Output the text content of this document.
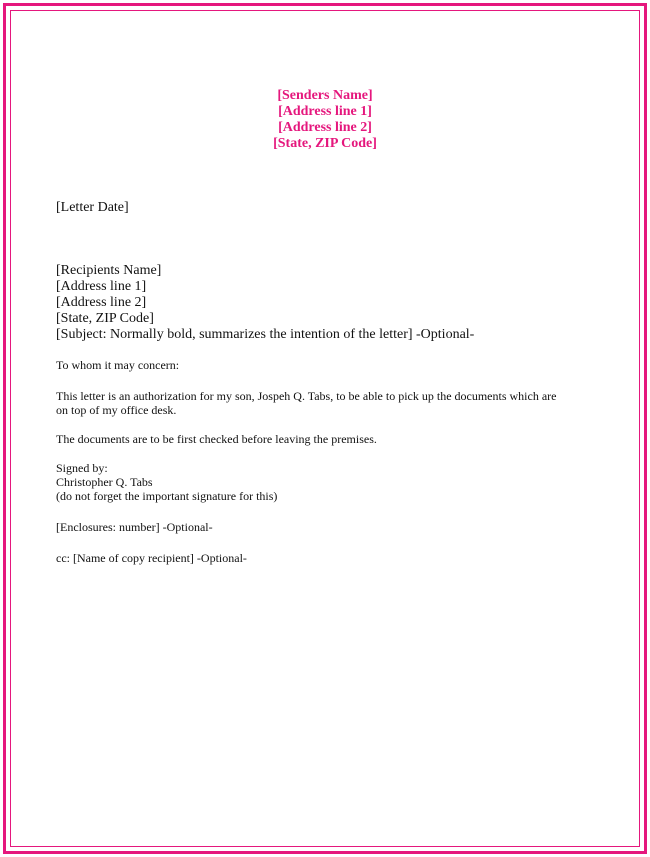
[Senders Name]
[Address line 1]
[Address line 2]
[State, ZIP Code]
[Letter Date]
[Recipients Name]
[Address line 1]
[Address line 2]
[State, ZIP Code]
[Subject: Normally bold, summarizes the intention of the letter] -Optional-
To whom it may concern:
This letter is an authorization for my son, Jospeh Q. Tabs, to be able to pick up the documents which are
on top of my office desk.
The documents are to be first checked before leaving the premises.
Signed by:
Christopher Q. Tabs
(do not forget the important signature for this)
[Enclosures: number] -Optional-
cc: [Name of copy recipient] -Optional-
